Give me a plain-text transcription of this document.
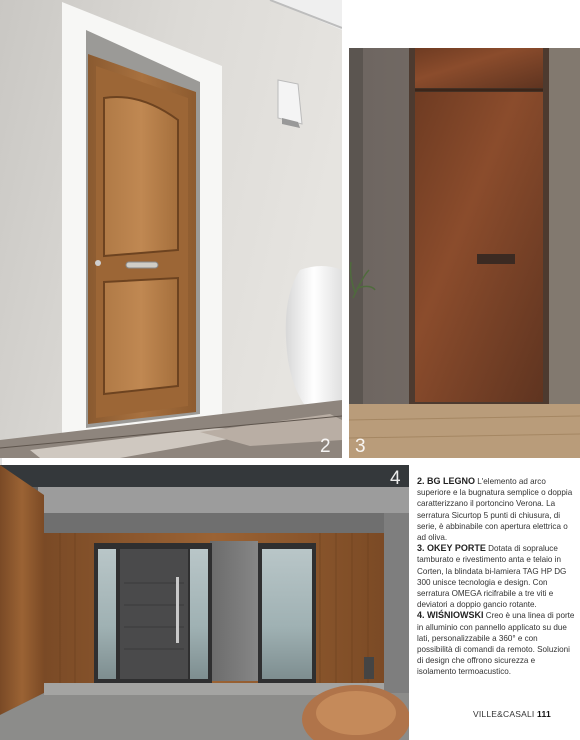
2 3
4 2. BG LEGNO L'elemento ad arco superiore e la bugnatura semplice o doppia caratterizzano il portoncino Verona. La serratura Sicurtop 5 punti di chiusura, di serie, è abbinabile con apertura elettrica o ad oliva.

3. OKEY PORTE Dotata di sopraluce tamburato e rivestimento anta e telaio in Corten, la blindata bi-lamiera TAG HP DG 300 unisce tecnologia e design. Con serratura OMEGA ricifrabile a tre viti e deviatori a doppio gancio rotante.

4. WIŚNIOWSKI Creo è una linea di porte in alluminio con pannello applicato su due lati, personalizzabile a 360° e con possibilità di comandi da remoto. Soluzioni di design che offrono sicurezza e isolamento termoacustico.

VILLE&CASALI 111
